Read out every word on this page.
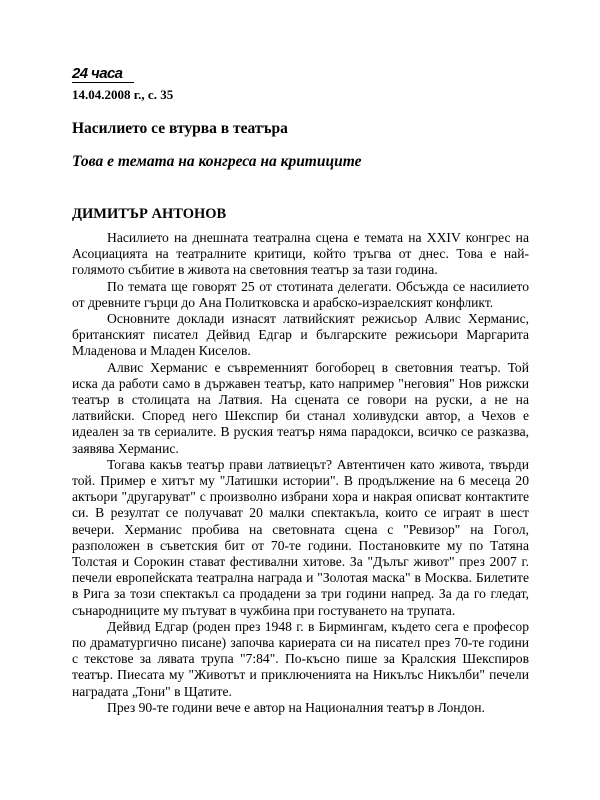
24 часа
14.04.2008 г., с. 35
Насилието се втурва в театъра
Това е темата на конгреса на критиците
ДИМИТЪР АНТОНОВ

Насилието на днешната театрална сцена е темата на XXIV конгрес на Асоциацията на театралните критици, който тръгва от днес. Това е най-голямото събитие в живота на световния театър за тази година.

По темата ще говорят 25 от стотината делегати. Обсъжда се насилието от древните гърци до Ана Политковска и арабско-израелският конфликт.

Основните доклади изнасят латвийският режисьор Алвис Херманис, британският писател Дейвид Едгар и българските режисьори Маргарита Младенова и Младен Киселов.

Алвис Херманис е съвременният богоборец в световния театър. Той иска да работи само в държавен театър, като например "неговия" Нов рижски театър в столицата на Латвия. На сцената се говори на руски, а не на латвийски. Според него Шекспир би станал холивудски автор, а Чехов е идеален за тв сериалите. В руския театър няма парадокси, всичко се разказва, заявява Херманис.

Тогава какъв театър прави латвиецът? Автентичен като живота, твърди той. Пример е хитът му "Латишки истории". В продължение на 6 месеца 20 актьори "другаруват" с произволно избрани хора и накрая описват контактите си. В резултат се получават 20 малки спектакъла, които се играят в шест вечери. Херманис пробива на световната сцена с "Ревизор" на Гогол, разположен в съветския бит от 70-те години. Постановките му по Татяна Толстая и Сорокин стават фестивални хитове. За "Дълъг живот" през 2007 г. печели европейската театрална награда и "Золотая маска" в Москва. Билетите в Рига за този спектакъл са продадени за три години напред. За да го гледат, сънародниците му пътуват в чужбина при гостуването на трупата.

Дейвид Едгар (роден през 1948 г. в Бирмингам, където сега е професор по драматургично писане) започва кариерата си на писател през 70-те години с текстове за лявата трупа "7:84". По-късно пише за Кралския Шекспиров театър. Пиесата му "Животът и приключенията на Никълъс Никълби" печели наградата „Тони" в Щатите.

През 90-те години вече е автор на Националния театър в Лондон.
